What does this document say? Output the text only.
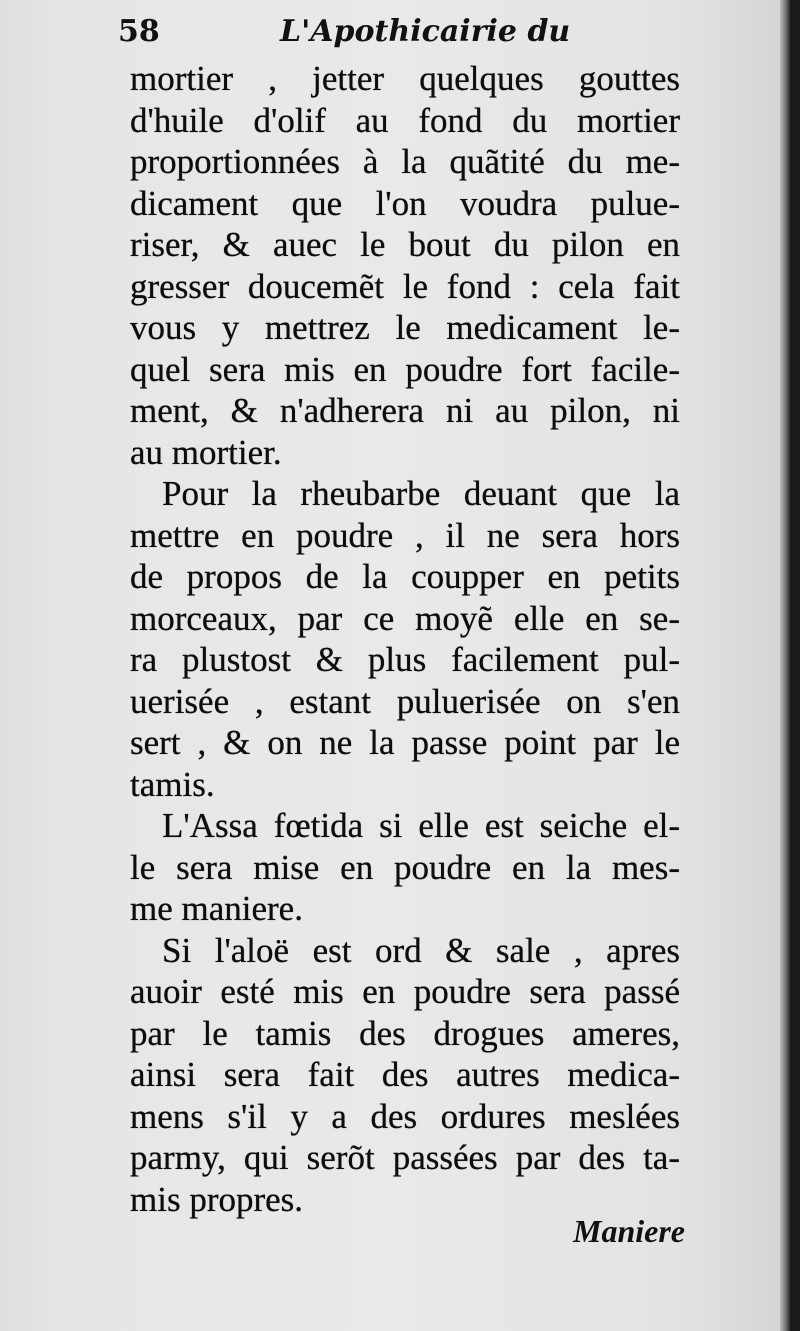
58	L'Apothicairie du
mortier , jetter quelques gouttes
d'huile d'olif au fond du mortier
proportionnées à la quãtité du me-
dicament que l'on voudra pulue-
riser, & auec le bout du pilon en
gresser doucemẽt le fond : cela fait
vous y mettrez le medicament le-
quel sera mis en poudre fort facile-
ment, & n'adherera ni au pilon, ni
au mortier.
Pour la rheubarbe deuant que la
mettre en poudre , il ne sera hors
de propos de la coupper en petits
morceaux, par ce moyẽ elle en se-
ra plustost & plus facilement pul-
uerisée , estant puluerisée on s'en
sert , & on ne la passe point par le
tamis.
L'Assa fœtida si elle est seiche el-
le sera mise en poudre en la mes-
me maniere.
Si l'aloë est ord & sale , apres
auoir esté mis en poudre sera passé
par le tamis des drogues ameres,
ainsi sera fait des autres medica-
mens s'il y a des ordures meslées
parmy, qui serõt passées par des ta-
mis propres.
Maniere
